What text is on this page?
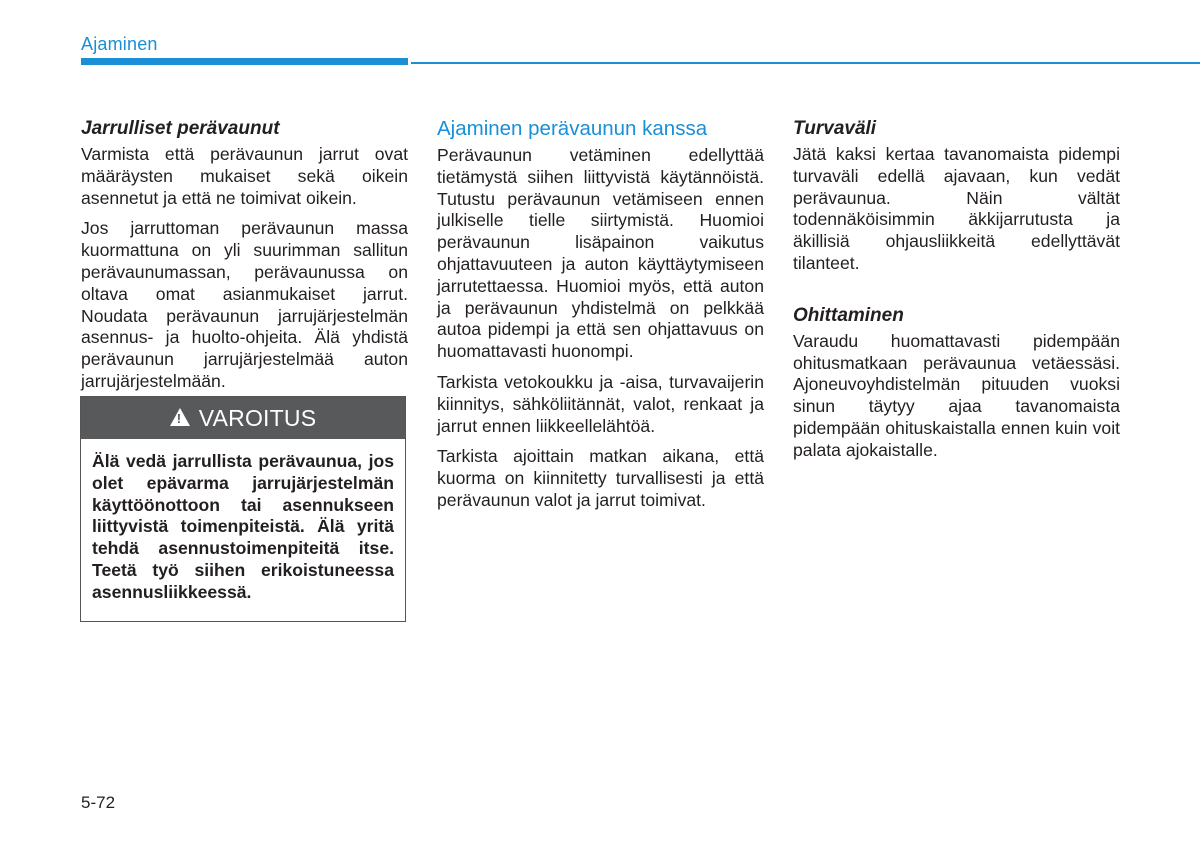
Ajaminen
Jarrulliset perävaunut

Varmista että perävaunun jarrut ovat määräysten mukaiset sekä oikein asennetut ja että ne toimivat oikein.

Jos jarruttoman perävaunun massa kuormattuna on yli suurimman sallitun perävaunumassan, perävaunussa on oltava omat asianmukaiset jarrut. Noudata perävaunun jarrujärjestelmän asennus- ja huolto-ohjeita. Älä yhdistä perävaunun jarrujärjestelmää auton jarrujärjestelmään.

!
VAROITUS
Älä vedä jarrullista perävaunua, jos olet epävarma jarrujärjestelmän käyttöönottoon tai asennukseen liittyvistä toimenpiteistä. Älä yritä tehdä asennustoimenpiteitä itse. Teetä työ siihen erikoistuneessa asennusliikkeessä.
Ajaminen perävaunun kanssa

Perävaunun vetäminen edellyttää tietämystä siihen liittyvistä käytännöistä. Tutustu perävaunun vetämiseen ennen julkiselle tielle siirtymistä. Huomioi perävaunun lisäpainon vaikutus ohjattavuuteen ja auton käyttäytymiseen jarrutettaessa. Huomioi myös, että auton ja perävaunun yhdistelmä on pelkkää autoa pidempi ja että sen ohjattavuus on huomattavasti huonompi.

Tarkista vetokoukku ja -aisa, turvavaijerin kiinnitys, sähköliitännät, valot, renkaat ja jarrut ennen liikkeellelähtöä.

Tarkista ajoittain matkan aikana, että kuorma on kiinnitetty turvallisesti ja että perävaunun valot ja jarrut toimivat.

Turvaväli

Jätä kaksi kertaa tavanomaista pidempi turvaväli edellä ajavaan, kun vedät perävaunua. Näin vältät todennäköisimmin äkkijarrutusta ja äkillisiä ohjausliikkeitä edellyttävät tilanteet.

Ohittaminen

Varaudu huomattavasti pidempään ohitusmatkaan perävaunua vetäessäsi. Ajoneuvoyhdistelmän pituuden vuoksi sinun täytyy ajaa tavanomaista pidempään ohituskaistalla ennen kuin voit palata ajokaistalle.

5-72
